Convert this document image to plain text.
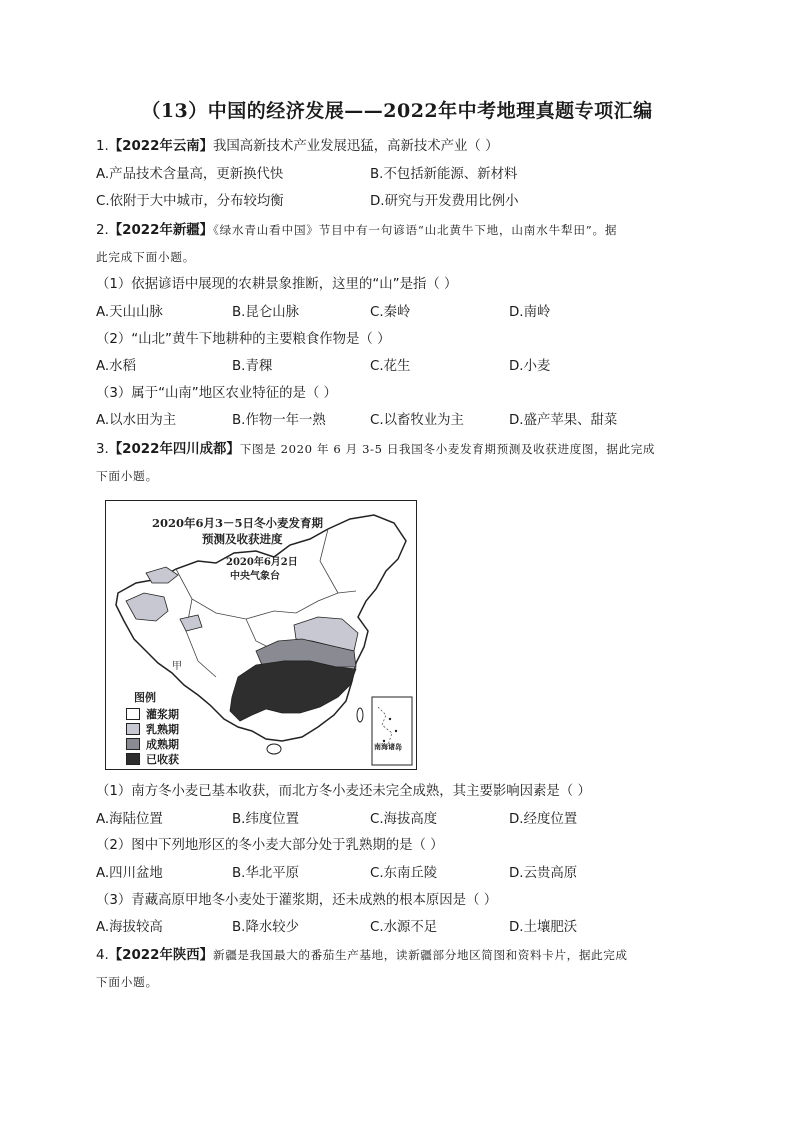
（13）中国的经济发展——2022年中考地理真题专项汇编
1.【2022年云南】我国高新技术产业发展迅猛，高新技术产业（ ）
A.产品技术含量高，更新换代快	B.不包括新能源、新材料
C.依附于大中城市，分布较均衡	D.研究与开发费用比例小
2.【2022年新疆】《绿水青山看中国》节目中有一句谚语“山北黄牛下地，山南水牛犁田”。据
此完成下面小题。
（1）依据谚语中展现的农耕景象推断，这里的“山”是指（ ）
A.天山山脉	B.昆仑山脉	C.秦岭	D.南岭
（2）“山北”黄牛下地耕种的主要粮食作物是（ ）
A.水稻	B.青稞	C.花生	D.小麦
（3）属于“山南”地区农业特征的是（ ）
A.以水田为主	B.作物一年一熟	C.以畜牧业为主	D.盛产苹果、甜菜
3.【2022年四川成都】下图是 2020 年 6 月 3-5 日我国冬小麦发育期预测及收获进度图，据此完成
下面小题。
2020年6月3－5日冬小麦发育期
预测及收获进度
2020年6月2日
中央气象台
甲
图例
灌浆期
乳熟期
成熟期
已收获
南海诸岛
（1）南方冬小麦已基本收获，而北方冬小麦还未完全成熟，其主要影响因素是（ ）
A.海陆位置	B.纬度位置	C.海拔高度	D.经度位置
（2）图中下列地形区的冬小麦大部分处于乳熟期的是（ ）
A.四川盆地	B.华北平原	C.东南丘陵	D.云贵高原
（3）青藏高原甲地冬小麦处于灌浆期，还未成熟的根本原因是（ ）
A.海拔较高	B.降水较少	C.水源不足	D.土壤肥沃
4.【2022年陕西】新疆是我国最大的番茄生产基地，读新疆部分地区简图和资料卡片，据此完成
下面小题。
